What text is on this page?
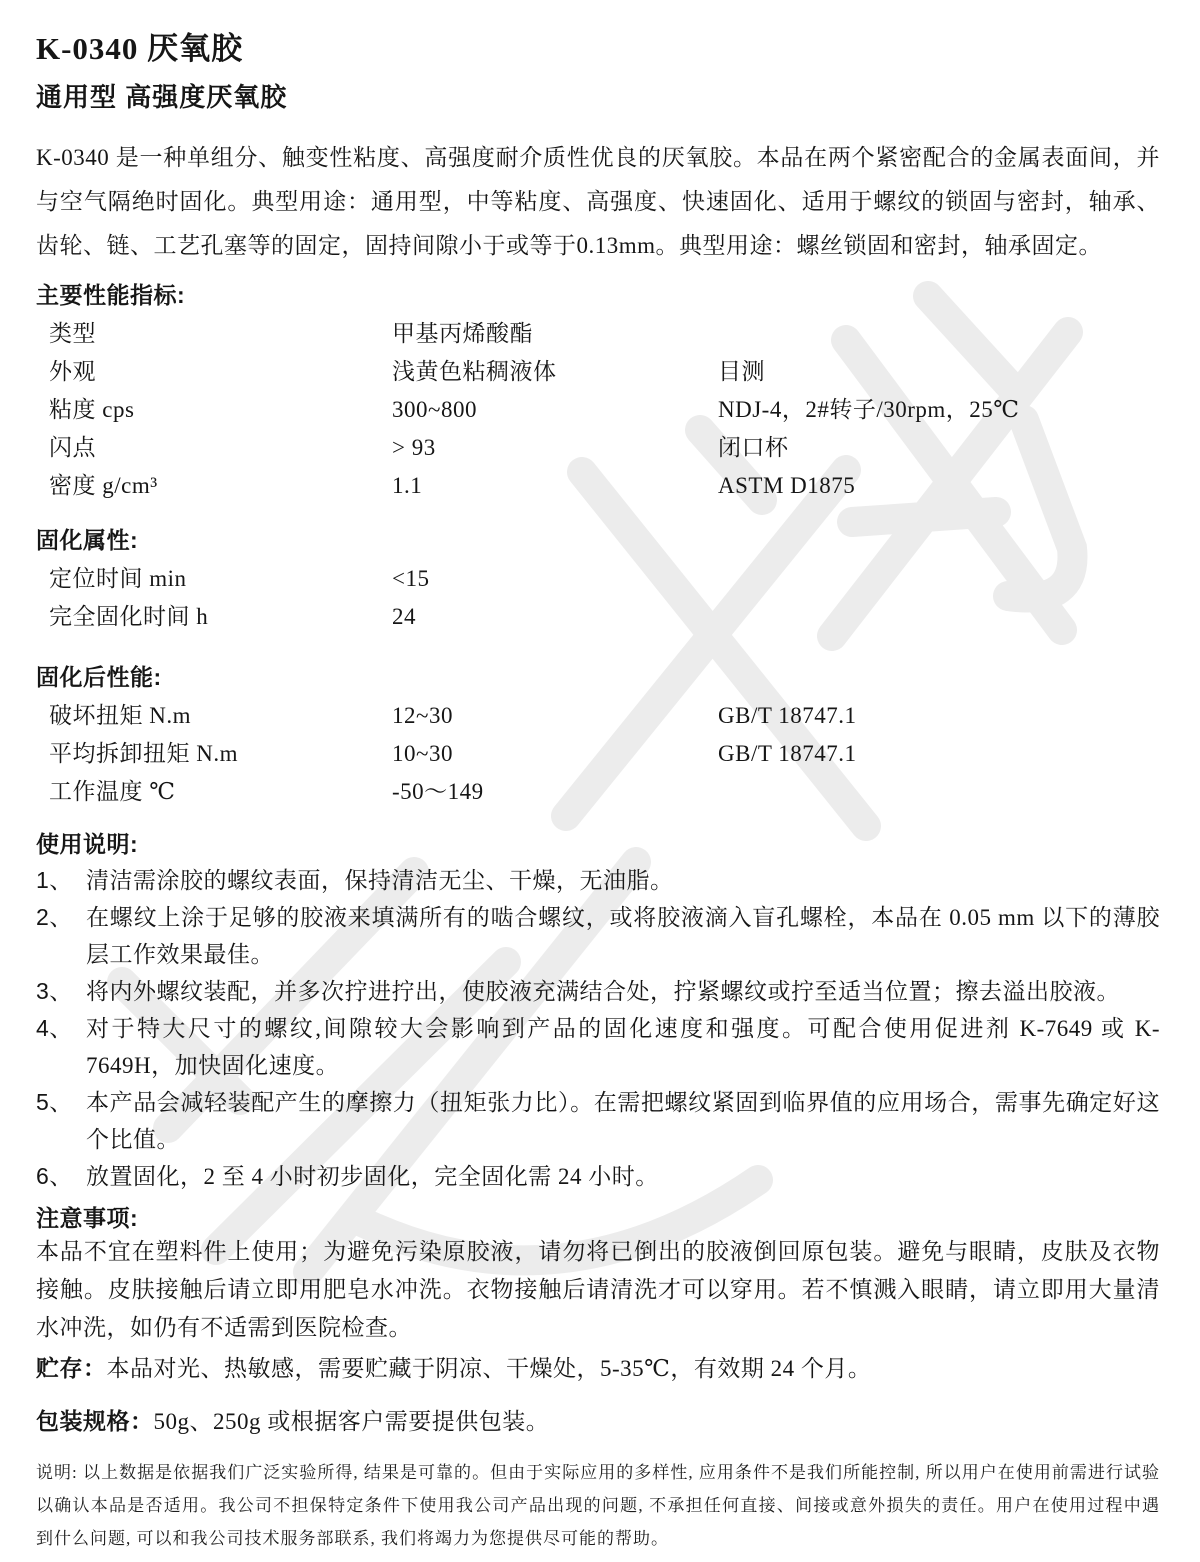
K-0340 厌氧胶
通用型 高强度厌氧胶

K-0340 是一种单组分、触变性粘度、高强度耐介质性优良的厌氧胶。本品在两个紧密配合的金属表面间，并与空气隔绝时固化。典型用途：通用型，中等粘度、高强度、快速固化、适用于螺纹的锁固与密封，轴承、齿轮、链、工艺孔塞等的固定，固持间隙小于或等于0.13mm。典型用途：螺丝锁固和密封，轴承固定。

主要性能指标:
类型	甲基丙烯酸酯
外观	浅黄色粘稠液体	目测
粘度 cps	300~800	NDJ-4，2#转子/30rpm，25℃
闪点	> 93	闭口杯
密度 g/cm³	1.1	ASTM D1875
固化属性:
定位时间 min	<15
完全固化时间 h	24
固化后性能:
破坏扭矩 N.m	12~30	GB/T 18747.1
平均拆卸扭矩 N.m	10~30	GB/T 18747.1
工作温度 ℃	-50～149
使用说明:
1、 清洁需涂胶的螺纹表面，保持清洁无尘、干燥，无油脂。
2、 在螺纹上涂于足够的胶液来填满所有的啮合螺纹，或将胶液滴入盲孔螺栓，本品在 0.05 mm 以下的薄胶层工作效果最佳。
3、 将内外螺纹装配，并多次拧进拧出，使胶液充满结合处，拧紧螺纹或拧至适当位置；擦去溢出胶液。
4、 对于特大尺寸的螺纹,间隙较大会影响到产品的固化速度和强度。可配合使用促进剂 K-7649 或 K-7649H，加快固化速度。
5、 本产品会减轻装配产生的摩擦力（扭矩张力比）。在需把螺纹紧固到临界值的应用场合，需事先确定好这个比值。
6、 放置固化，2 至 4 小时初步固化，完全固化需 24 小时。
注意事项:

本品不宜在塑料件上使用；为避免污染原胶液，请勿将已倒出的胶液倒回原包装。避免与眼睛，皮肤及衣物接触。皮肤接触后请立即用肥皂水冲洗。衣物接触后请清洗才可以穿用。若不慎溅入眼睛，请立即用大量清水冲洗，如仍有不适需到医院检查。

贮存：本品对光、热敏感，需要贮藏于阴凉、干燥处，5-35℃，有效期 24 个月。

包装规格：50g、250g 或根据客户需要提供包装。

说明: 以上数据是依据我们广泛实验所得, 结果是可靠的。但由于实际应用的多样性, 应用条件不是我们所能控制, 所以用户在使用前需进行试验以确认本品是否适用。我公司不担保特定条件下使用我公司产品出现的问题, 不承担任何直接、间接或意外损失的责任。用户在使用过程中遇到什么问题, 可以和我公司技术服务部联系, 我们将竭力为您提供尽可能的帮助。
